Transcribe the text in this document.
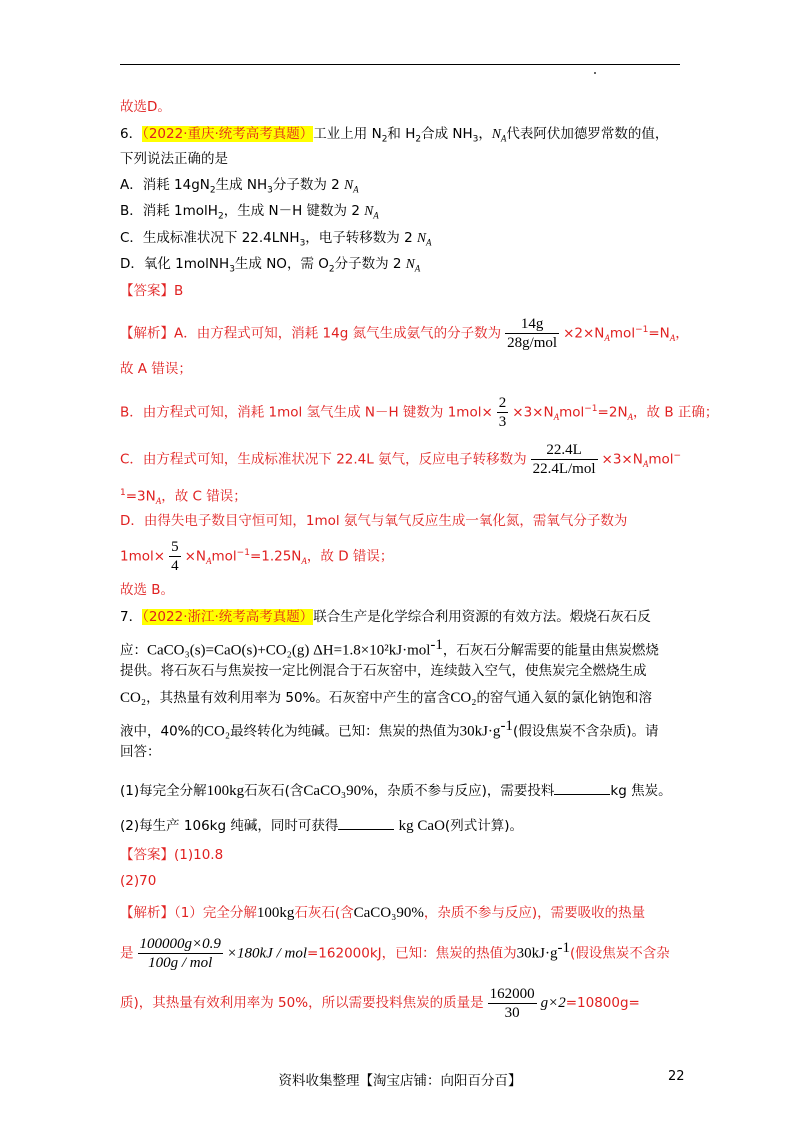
故选D。
6．（2022·重庆·统考高考真题）工业上用 $N_2$和 $H_2$合成 $NH_3$，$N_A$代表阿伏加德罗常数的值，
下列说法正确的是
A．消耗 $14gN_2$生成 $NH_3$分子数为 2 $N_A$
B．消耗 1molH$_2$，生成 N－H 键数为 2 $N_A$
C．生成标准状况下 $22.4LNH_3$，电子转移数为 2 $N_A$
D．氧化 1molNH$_3$生成 NO，需 $O_2$分子数为 2 $N_A$
【答案】B
【解析】A．由方程式可知，消耗 14g 氮气生成氨气的分子数为 $\frac{14g}{\text{28g/mol}} \times 2\times N_Amol^{-1}=N_A$，
故 A 错误；
B．由方程式可知，消耗 1mol 氢气生成 N－H 键数为 $1mol\times \frac{2}{3} \times 3\times N_Amol^{-1}=2N_A$，故 B 正确；
C．由方程式可知，生成标准状况下 22.4L 氨气，反应电子转移数为 $\frac{22.4L}{\text{22.4L/mol}} \times 3\times N_Amol^-$
$^1=3N_A$，故 C 错误；
D．由得失电子数目守恒可知，1mol 氨气与氧气反应生成一氧化氮，需氧气分子数为
$1mol\times \frac{5}{4} \times N_Amol^{-1}=1.25N_A$，故 D 错误；
故选 B。
7．（2022·浙江·统考高考真题）联合生产是化学综合利用资源的有效方法。煅烧石灰石反
应：CaCO₃(s)=CaO(s)+CO₂(g) ΔH=1.8×10²kJ·mol$^{-1}$，石灰石分解需要的能量由焦炭燃烧
提供。将石灰石与焦炭按一定比例混合于石灰窑中，连续鼓入空气，使焦炭完全燃烧生成
CO₂，其热量有效利用率为 50%。石灰窑中产生的富含CO₂的窑气通入氨的氯化钠饱和溶
液中，40%的CO₂最终转化为纯碱。已知：焦炭的热值为$30kJ\cdot g^{-1}$(假设焦炭不含杂质)。请
回答：
(1)每完全分解100kg石灰石(含CaCO₃90%，杂质不参与反应)，需要投料	kg 焦炭。
(2)每生产 106kg 纯碱，同时可获得	kg CaO(列式计算)。
【答案】(1)10.8
(2)70
【解析】（1）完全分解100kg石灰石(含CaCO₃90%，杂质不参与反应)，需要吸收的热量
是 $\frac{100000g\times 0.9}{\text{100g / mol}} \times 180kJ / mol=162000kJ$，已知：焦炭的热值为$30kJ\cdot g^{-1}$(假设焦炭不含杂
质)，其热量有效利用率为 50%，所以需要投料焦炭的质量是 $\frac{162000}{30} g\times 2=10800g=$
资料收集整理【淘宝店铺：向阳百分百】	22
